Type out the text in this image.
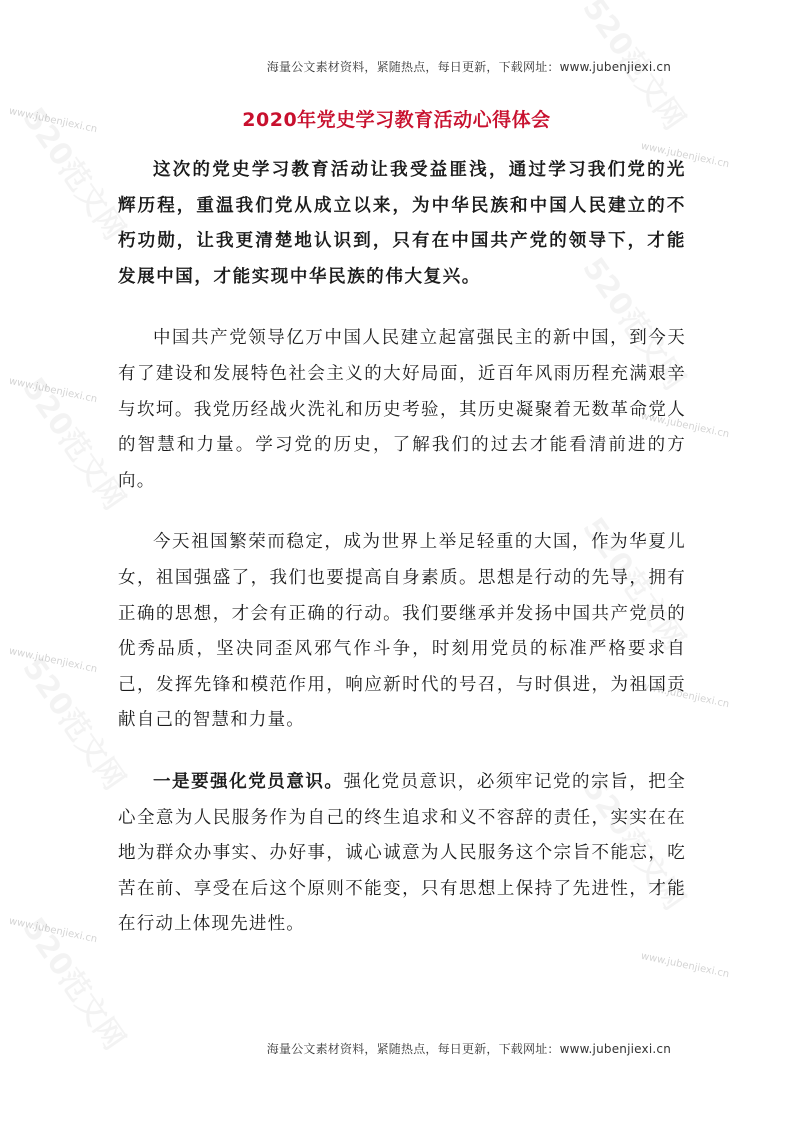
www.jubenjiexi.cn
www.jubenjiexi.cn
www.jubenjiexi.cn
www.jubenjiexi.cn
www.jubenjiexi.cn
www.jubenjiexi.cn
www.jubenjiexi.cn
www.jubenjiexi.cn
海量公文素材资料，紧随热点，每日更新，下载网址：www.jubenjiexi.cn
2020年党史学习教育活动心得体会

这次的党史学习教育活动让我受益匪浅，通过学习我们党的光辉历程，重温我们党从成立以来，为中华民族和中国人民建立的不朽功勋，让我更清楚地认识到，只有在中国共产党的领导下，才能发展中国，才能实现中华民族的伟大复兴。

中国共产党领导亿万中国人民建立起富强民主的新中国，到今天有了建设和发展特色社会主义的大好局面，近百年风雨历程充满艰辛与坎坷。我党历经战火洗礼和历史考验，其历史凝聚着无数革命党人的智慧和力量。学习党的历史，了解我们的过去才能看清前进的方向。

今天祖国繁荣而稳定，成为世界上举足轻重的大国，作为华夏儿女，祖国强盛了，我们也要提高自身素质。思想是行动的先导，拥有正确的思想，才会有正确的行动。我们要继承并发扬中国共产党员的优秀品质，坚决同歪风邪气作斗争，时刻用党员的标准严格要求自己，发挥先锋和模范作用，响应新时代的号召，与时俱进，为祖国贡献自己的智慧和力量。

一是要强化党员意识。强化党员意识，必须牢记党的宗旨，把全心全意为人民服务作为自己的终生追求和义不容辞的责任，实实在在地为群众办事实、办好事，诚心诚意为人民服务这个宗旨不能忘，吃苦在前、享受在后这个原则不能变，只有思想上保持了先进性，才能在行动上体现先进性。

海量公文素材资料，紧随热点，每日更新，下载网址：www.jubenjiexi.cn
